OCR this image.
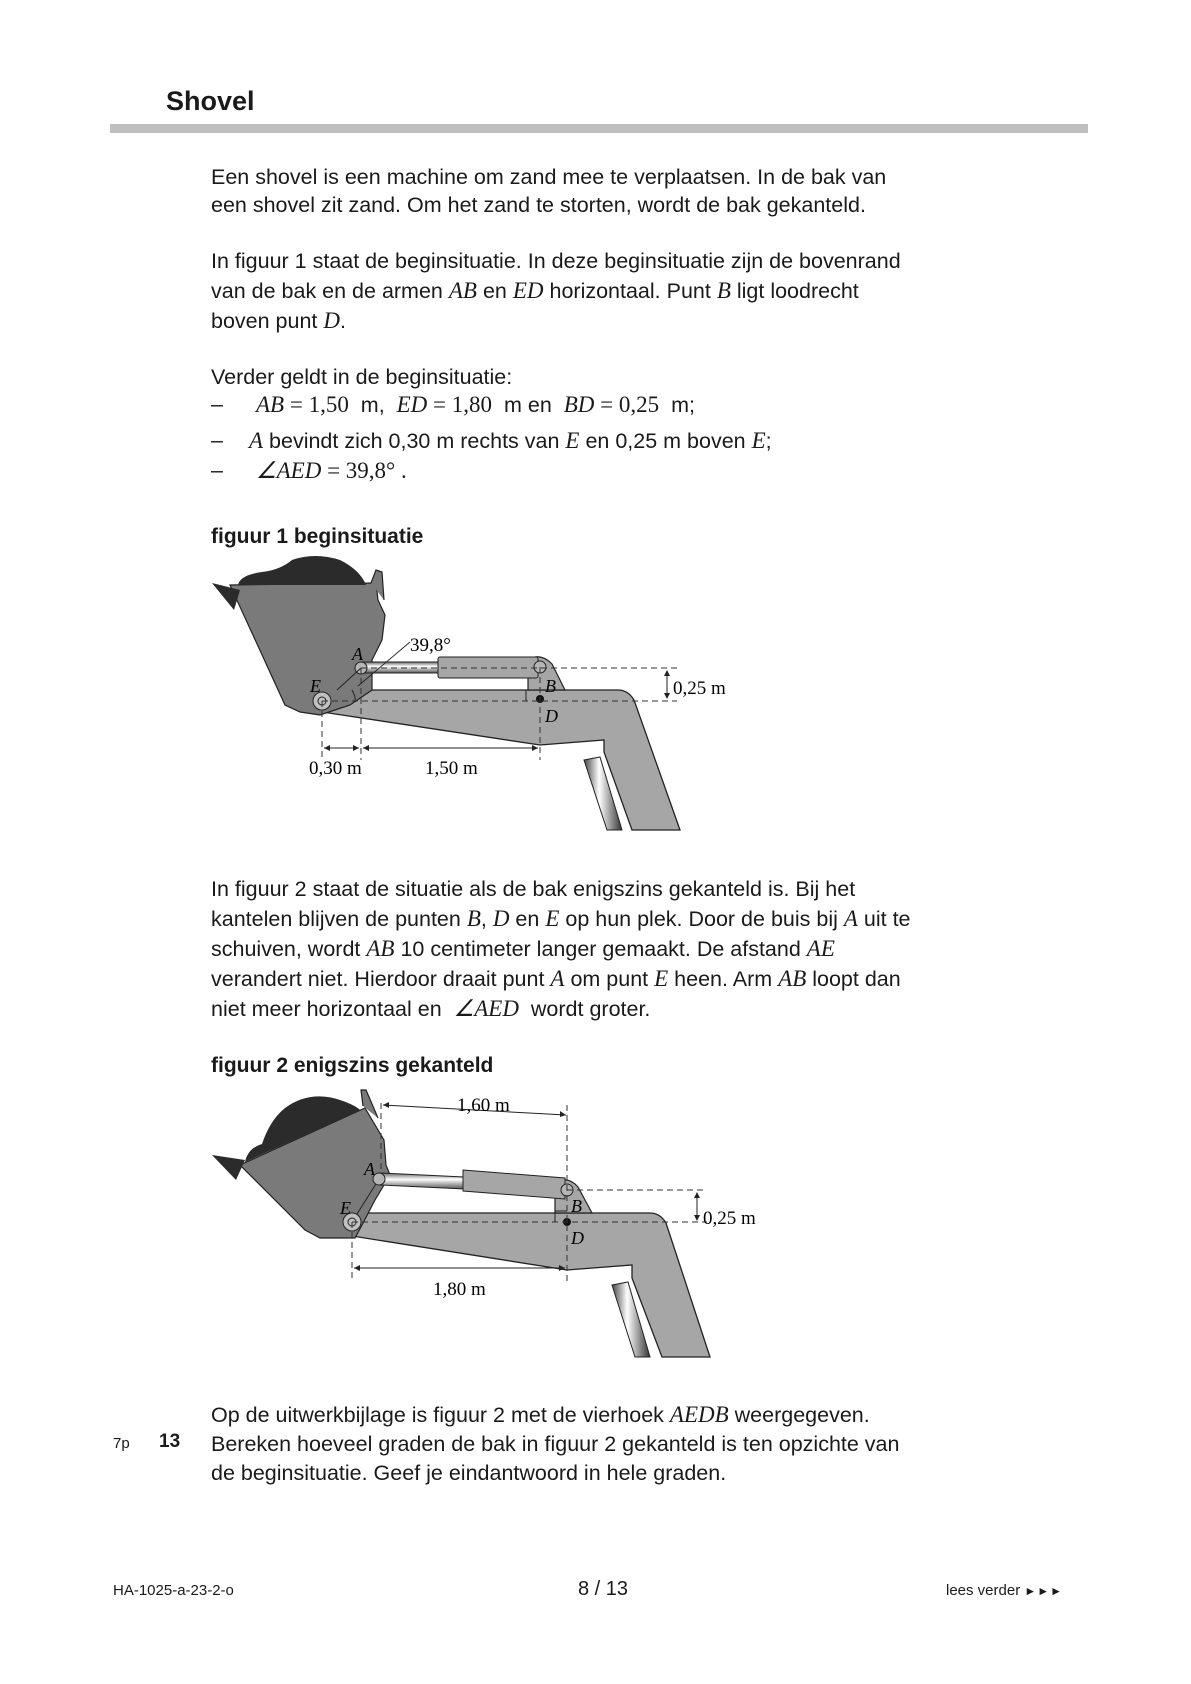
Shovel
Een shovel is een machine om zand mee te verplaatsen. In de bak van
een shovel zit zand. Om het zand te storten, wordt de bak gekanteld.
In figuur 1 staat de beginsituatie. In deze beginsituatie zijn de bovenrand
van de bak en de armen AB en ED horizontaal. Punt B ligt loodrecht
boven punt D.
Verder geldt in de beginsituatie:
– AB = 1,50  m,  ED = 1,80  m en  BD = 0,25  m;
– A bevindt zich 0,30 m rechts van E en 0,25 m boven E;
– ∠AED = 39,8° .
figuur 1 beginsituatie
A
E	B
D
39,8°
0,25 m
0,30 m	1,50 m
A
E	B
D
1,60 m
0,25 m
1,80 m
In figuur 2 staat de situatie als de bak enigszins gekanteld is. Bij het
kantelen blijven de punten B, D en E op hun plek. Door de buis bij A uit te
schuiven, wordt AB 10 centimeter langer gemaakt. De afstand AE
verandert niet. Hierdoor draait punt A om punt E heen. Arm AB loopt dan
niet meer horizontaal en  ∠AED  wordt groter.
figuur 2 enigszins gekanteld
Op de uitwerkbijlage is figuur 2 met de vierhoek AEDB weergegeven.
7p 13 Bereken hoeveel graden de bak in figuur 2 gekanteld is ten opzichte van
de beginsituatie. Geef je eindantwoord in hele graden.
HA-1025-a-23-2-o	8 / 13	lees verder ►►►
